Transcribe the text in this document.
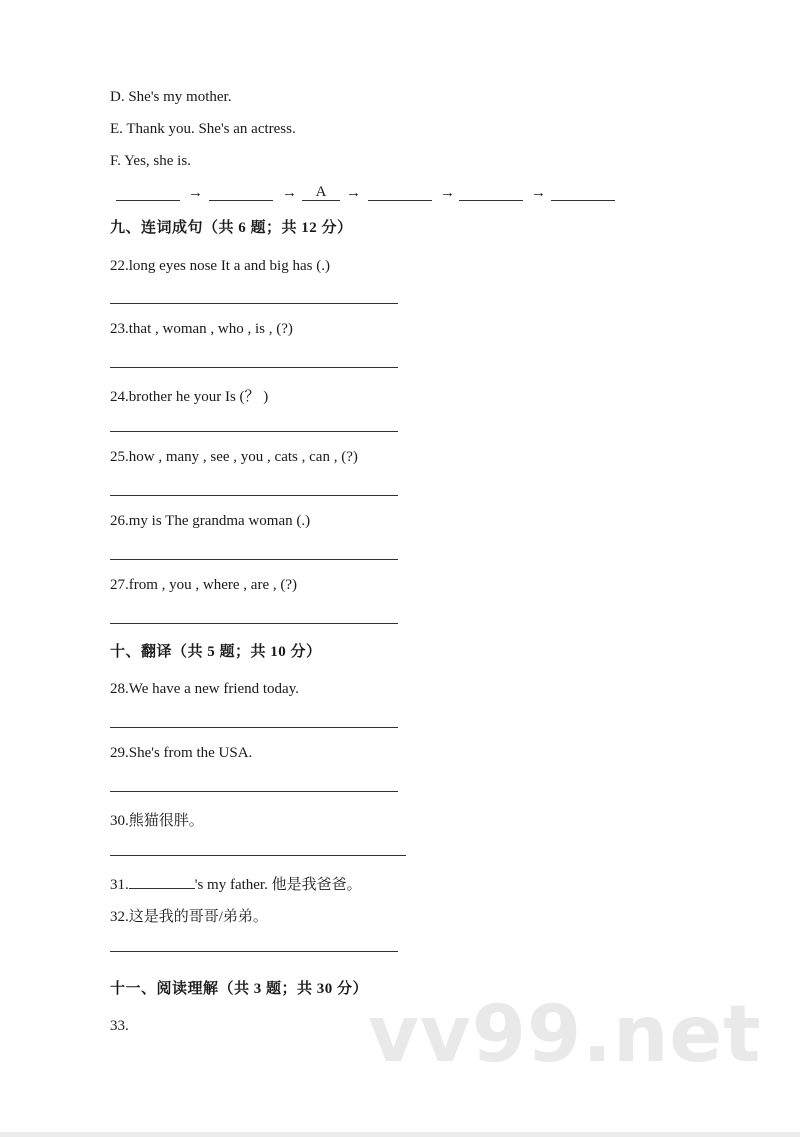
D. She's my mother.
E. Thank you. She's an actress.
F. Yes, she is.
→	→	A	→	→	→
九、连词成句（共 6 题；共 12 分）
22.long eyes nose It a and big has (.)
23.that , woman , who , is , (?)
24.brother he your Is (？ )
25.how , many , see , you , cats , can , (?)
26.my is The grandma woman (.)
27.from , you , where , are , (?)
十、翻译（共 5 题；共 10 分）
28.We have a new friend today.
29.She's from the USA.
30.熊猫很胖。
31.	's my father. 他是我爸爸。
32.这是我的哥哥/弟弟。
十一、阅读理解（共 3 题；共 30 分）
33.	vv99.net
